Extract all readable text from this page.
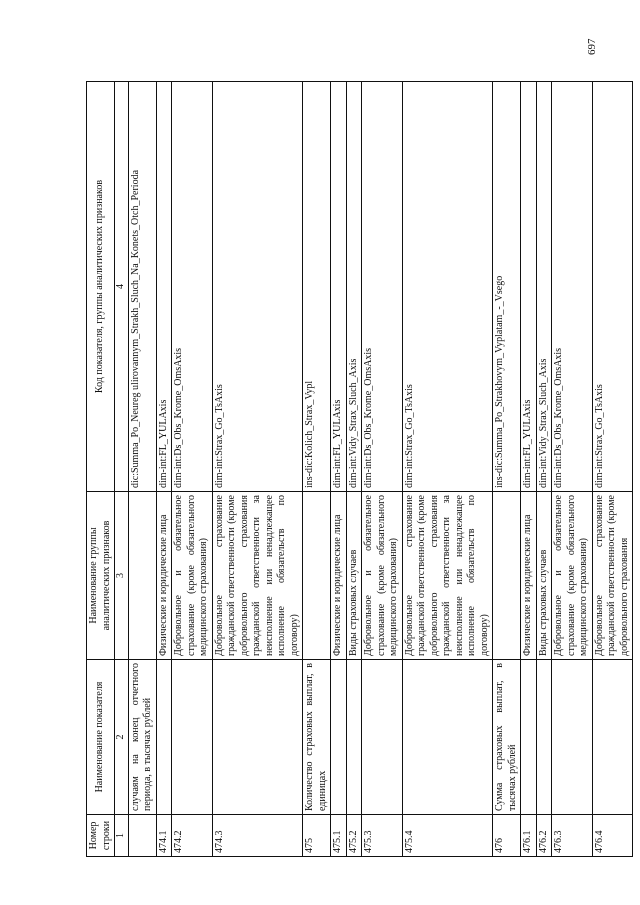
Номер строки	Наименование показателя	Наименование группы аналитических признаков	Код показателя, группы аналитических признаков
1	2	3	4
	случаям на конец отчетного периода, в тысячах рублей		dic:Summa_Po_Neureg ulirovannym_Strakh_Sluch_Na_Konets_Otch_Perioda
474.1		Физические и юридические лица	dim-int:FL_YULAxis
474.2		Добровольное и обязательное страхование (кроме обязательного медицинского страхования)	dim-int:Ds_Obs_Krome_OmsAxis
474.3		Добровольное страхование гражданской ответственности (кроме добровольного страхования гражданской ответственности за неисполнение или ненадлежащее исполнение обязательств по договору)	dim-int:Strax_Go_TsAxis
475	Количество страховых выплат, в единицах		ins-dic:Kolich_Strax_Vypl
475.1		Физические и юридические лица	dim-int:FL_YULAxis
475.2		Виды страховых случаев	dim-int:Vidy_Strax_Sluch_Axis
475.3		Добровольное и обязательное страхование (кроме обязательного медицинского страхования)	dim-int:Ds_Obs_Krome_OmsAxis
475.4		Добровольное страхование гражданской ответственности (кроме добровольного страхования гражданской ответственности за неисполнение или ненадлежащее исполнение обязательств по договору)	dim-int:Strax_Go_TsAxis
476	Сумма страховых выплат, в тысячах рублей		ins-dic:Summa_Po_Strakhovym_Vyplatam_-_Vsego
476.1		Физические и юридические лица	dim-int:FL_YULAxis
476.2		Виды страховых случаев	dim-int:Vidy_Strax_Sluch_Axis
476.3		Добровольное и обязательное страхование (кроме обязательного медицинского страхования)	dim-int:Ds_Obs_Krome_OmsAxis
476.4		Добровольное страхование гражданской ответственности (кроме добровольного страхования	dim-int:Strax_Go_TsAxis
697
